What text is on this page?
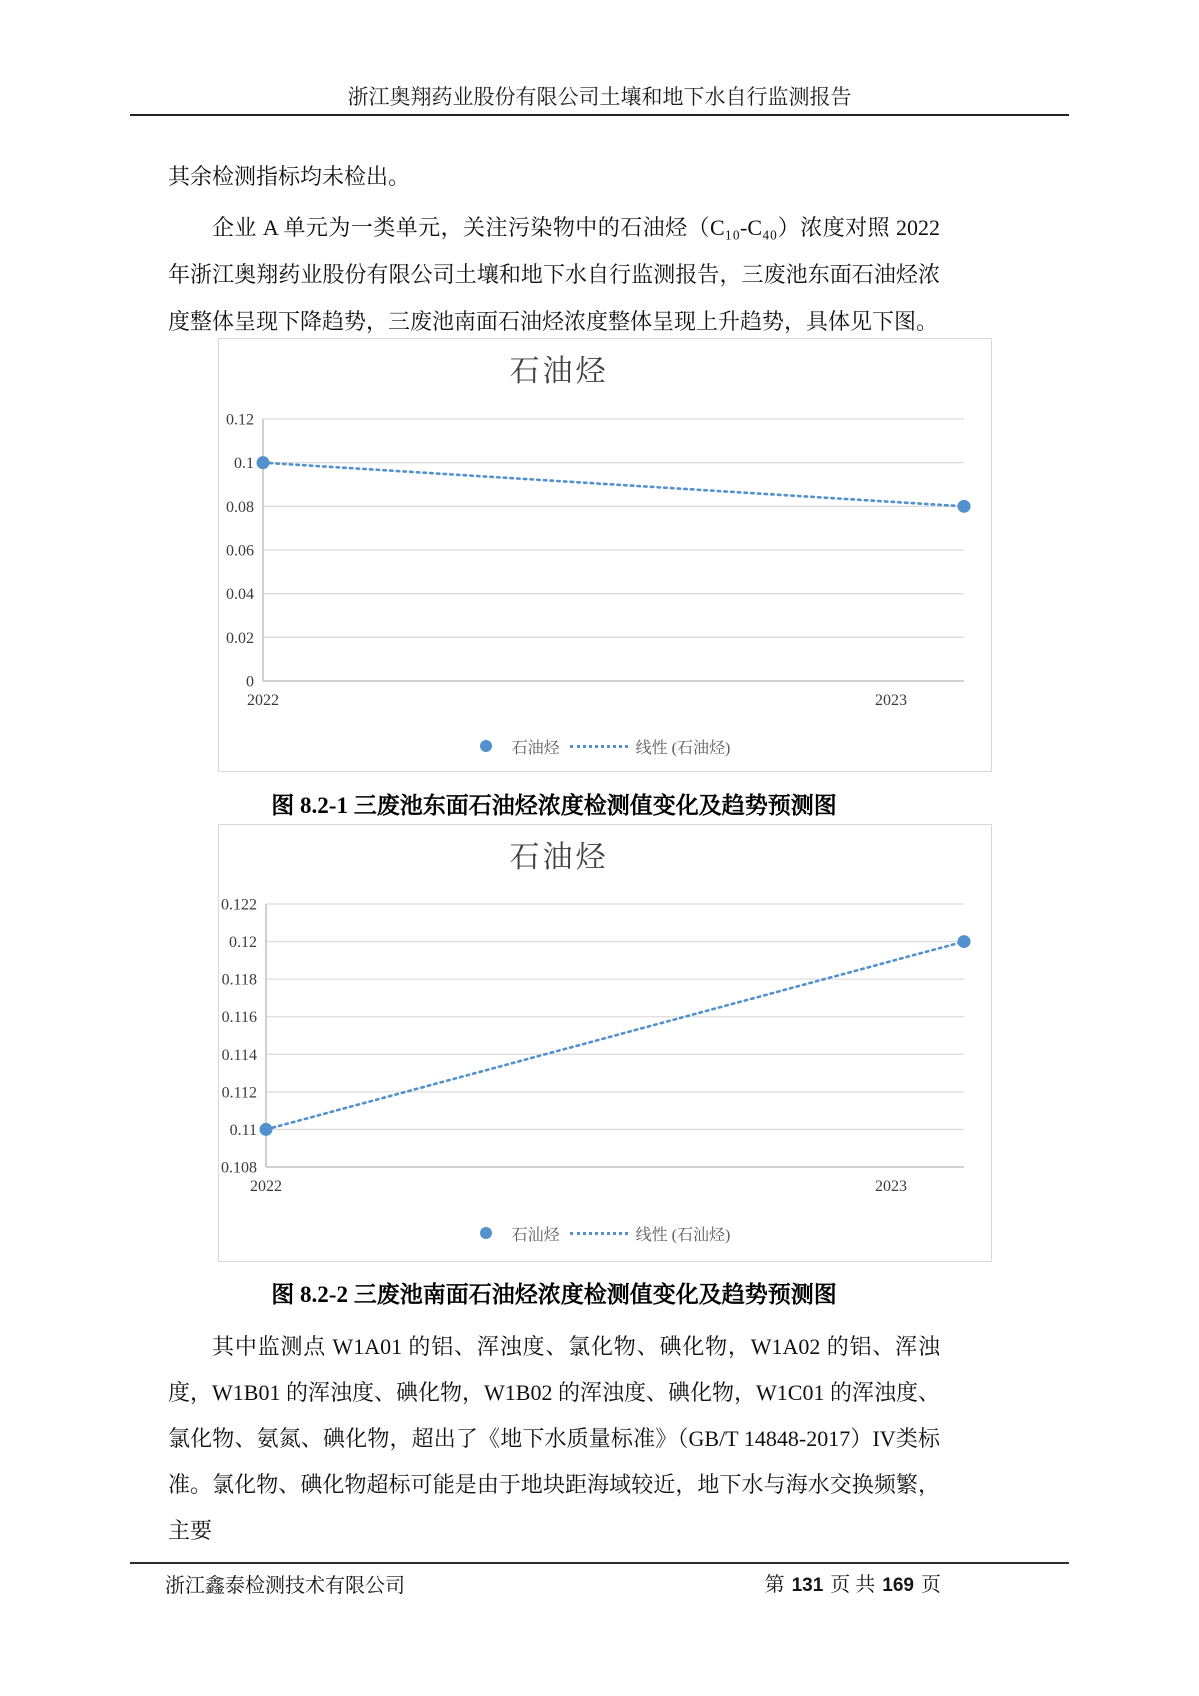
浙江奥翔药业股份有限公司土壤和地下水自行监测报告

其余检测指标均未检出。

企业 A 单元为一类单元，关注污染物中的石油烃（C₁₀-C₄₀）浓度对照 2022 年浙江奥翔药业股份有限公司土壤和地下水自行监测报告，三废池东面石油烃浓度整体呈现下降趋势，三废池南面石油烃浓度整体呈现上升趋势，具体见下图。

石油烃
0
0.02
0.04
0.06
0.08
0.1
0.12
2022	2023
石油烃	线性 (石油烃)

图 8.2-1 三废池东面石油烃浓度检测值变化及趋势预测图

石油烃
0.108
0.11
0.112
0.114
0.116
0.118
0.12
0.122
2022	2023
石汕烃	线性 (石汕烃)

图 8.2-2 三废池南面石油烃浓度检测值变化及趋势预测图

其中监测点 W1A01 的铝、浑浊度、氯化物、碘化物，W1A02 的铝、浑浊度，W1B01 的浑浊度、碘化物，W1B02 的浑浊度、碘化物，W1C01 的浑浊度、氯化物、氨氮、碘化物，超出了《地下水质量标准》（GB/T 14848-2017）IV类标准。氯化物、碘化物超标可能是由于地块距海域较近，地下水与海水交换频繁，主要

浙江鑫泰检测技术有限公司	第 131 页 共 169 页
